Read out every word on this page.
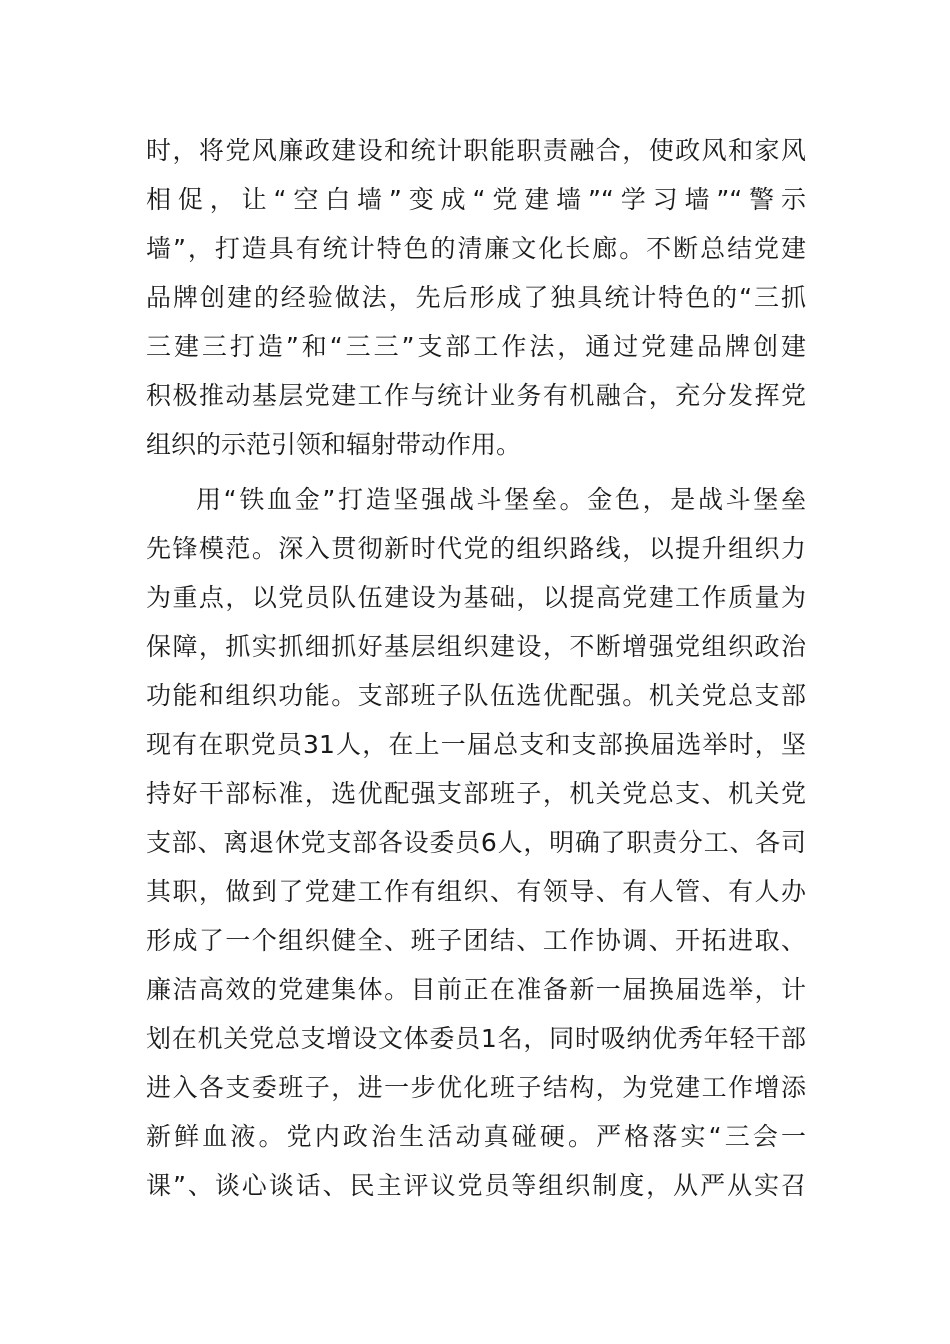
时，将党风廉政建设和统计职能职责融合，使政风和家风
相促，让“空白墙”变成“党建墙”“学习墙”“警示
墙”，打造具有统计特色的清廉文化长廊。不断总结党建
品牌创建的经验做法，先后形成了独具统计特色的“三抓
三建三打造”和“三三”支部工作法，通过党建品牌创建
积极推动基层党建工作与统计业务有机融合，充分发挥党
组织的示范引领和辐射带动作用。
用“铁血金”打造坚强战斗堡垒。金色，是战斗堡垒
先锋模范。深入贯彻新时代党的组织路线，以提升组织力
为重点，以党员队伍建设为基础，以提高党建工作质量为
保障，抓实抓细抓好基层组织建设，不断增强党组织政治
功能和组织功能。支部班子队伍选优配强。机关党总支部
现有在职党员31人，在上一届总支和支部换届选举时，坚
持好干部标准，选优配强支部班子，机关党总支、机关党
支部、离退休党支部各设委员6人，明确了职责分工、各司
其职，做到了党建工作有组织、有领导、有人管、有人办
形成了一个组织健全、班子团结、工作协调、开拓进取、
廉洁高效的党建集体。目前正在准备新一届换届选举，计
划在机关党总支增设文体委员1名，同时吸纳优秀年轻干部
进入各支委班子，进一步优化班子结构，为党建工作增添
新鲜血液。党内政治生活动真碰硬。严格落实“三会一
课”、谈心谈话、民主评议党员等组织制度，从严从实召
